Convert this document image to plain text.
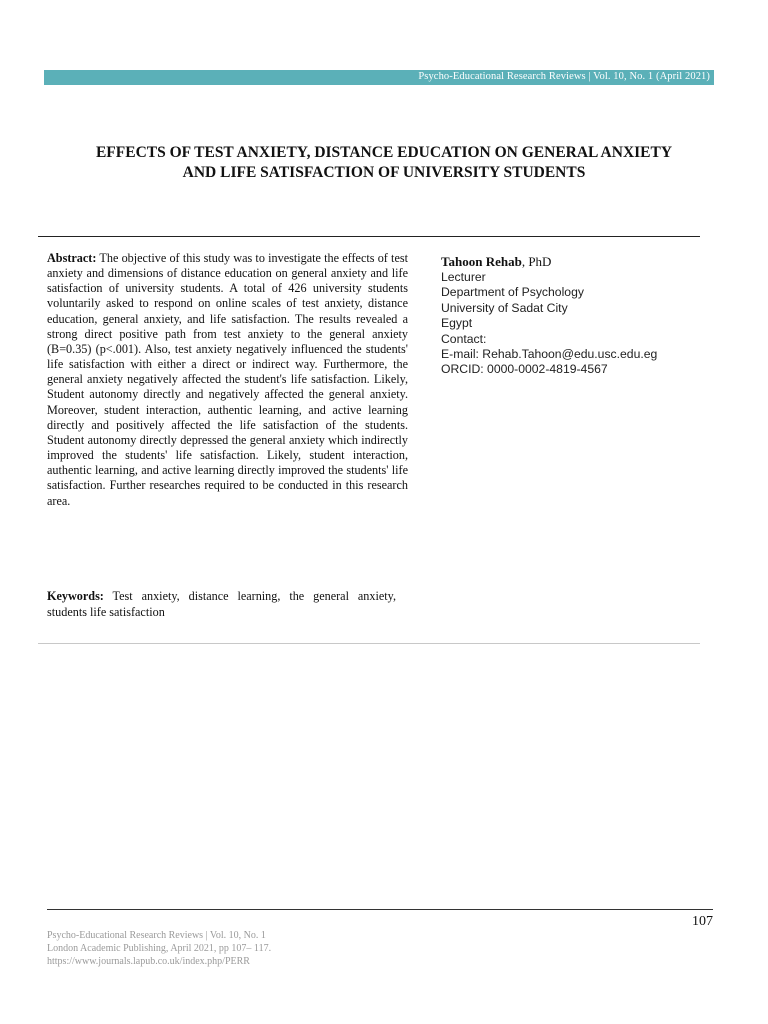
Psycho-Educational Research Reviews | Vol. 10, No. 1 (April 2021)
EFFECTS OF TEST ANXIETY, DISTANCE EDUCATION ON GENERAL ANXIETY
AND LIFE SATISFACTION OF UNIVERSITY STUDENTS
Abstract: The objective of this study was to investigate the effects of test anxiety and dimensions of distance education on general anxiety and life satisfaction of university students. A total of 426 university students voluntarily asked to respond on online scales of test anxiety, distance education, general anxiety, and life satisfaction. The results revealed a strong direct positive path from test anxiety to the general anxiety (B=0.35) (p<.001). Also, test anxiety negatively influenced the students' life satisfaction with either a direct or indirect way. Furthermore, the general anxiety negatively affected the student's life satisfaction. Likely, Student autonomy directly and negatively affected the general anxiety. Moreover, student interaction, authentic learning, and active learning directly and positively affected the life satisfaction of the students. Student autonomy directly depressed the general anxiety which indirectly improved the students' life satisfaction. Likely, student interaction, authentic learning, and active learning directly improved the students' life satisfaction. Further researches required to be conducted in this research area.
Keywords: Test anxiety, distance learning, the general anxiety, students life satisfaction
Tahoon Rehab, PhD
Lecturer
Department of Psychology
University of Sadat City
Egypt
Contact:
E-mail: Rehab.Tahoon@edu.usc.edu.eg
ORCID: 0000-0002-4819-4567
107
Psycho-Educational Research Reviews | Vol. 10, No. 1
London Academic Publishing, April 2021, pp 107– 117.
https://www.journals.lapub.co.uk/index.php/PERR
